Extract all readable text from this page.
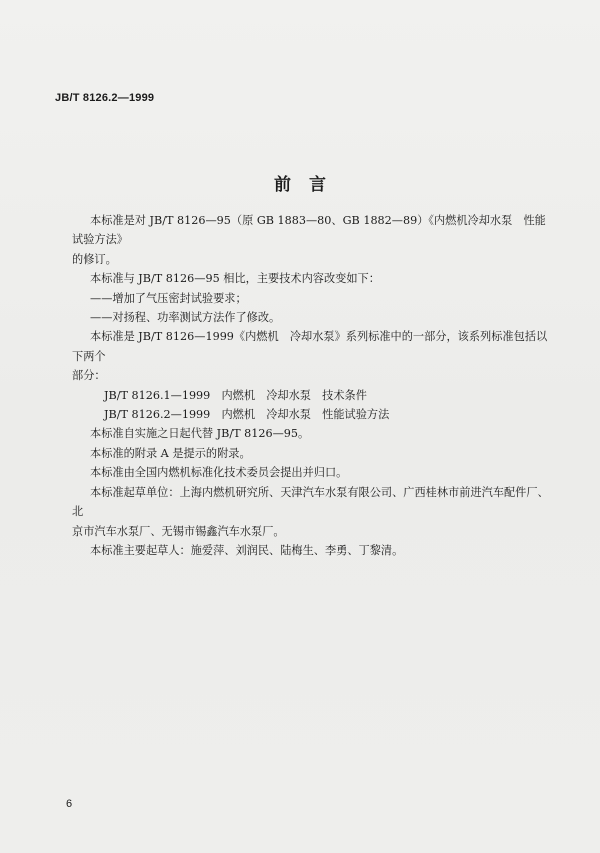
JB/T 8126.2—1999
前言

本标准是对 JB/T 8126—95（原 GB 1883—80、GB 1882—89）《内燃机冷却水泵　性能试验方法》

的修订。

本标准与 JB/T 8126—95 相比，主要技术内容改变如下：

——增加了气压密封试验要求；

——对扬程、功率测试方法作了修改。

本标准是 JB/T 8126—1999《内燃机　冷却水泵》系列标准中的一部分，该系列标准包括以下两个

部分：

JB/T 8126.1—1999　内燃机　冷却水泵　技术条件

JB/T 8126.2—1999　内燃机　冷却水泵　性能试验方法

本标准自实施之日起代替 JB/T 8126—95。

本标准的附录 A 是提示的附录。

本标准由全国内燃机标准化技术委员会提出并归口。

本标准起草单位：上海内燃机研究所、天津汽车水泵有限公司、广西桂林市前进汽车配件厂、北

京市汽车水泵厂、无锡市锡鑫汽车水泵厂。

本标准主要起草人：施爱萍、刘润民、陆梅生、李勇、丁黎清。

6
